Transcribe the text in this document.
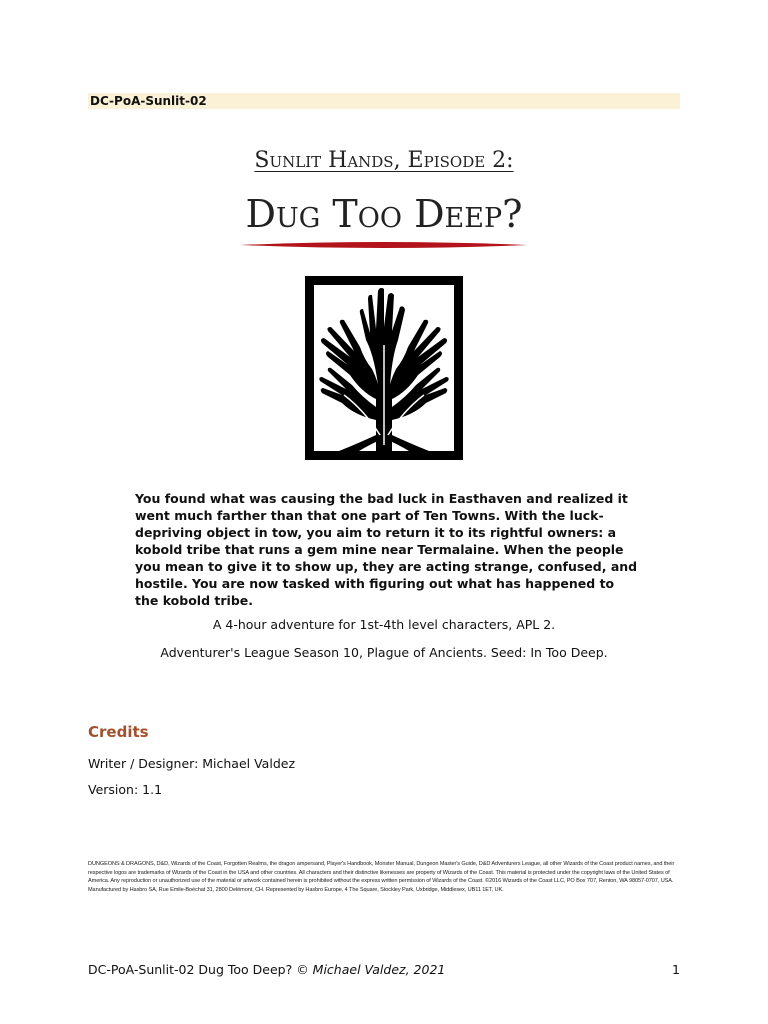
DC-PoA-Sunlit-02
Sunlit Hands, Episode 2:
Dug Too Deep?
You found what was causing the bad luck in Easthaven and realized it went much farther than that one part of Ten Towns. With the luck-depriving object in tow, you aim to return it to its rightful owners: a kobold tribe that runs a gem mine near Termalaine. When the people you mean to give it to show up, they are acting strange, confused, and hostile. You are now tasked with figuring out what has happened to the kobold tribe.
A 4-hour adventure for 1st-4th level characters, APL 2.
Adventurer's League Season 10, Plague of Ancients. Seed: In Too Deep.
Credits
Writer / Designer: Michael Valdez
Version: 1.1
DUNGEONS & DRAGONS, D&D, Wizards of the Coast, Forgotten Realms, the dragon ampersand, Player's Handbook, Monster Manual, Dungeon Master's Guide, D&D Adventurers League, all other Wizards of the Coast product names, and their respective logos are trademarks of Wizards of the Coast in the USA and other countries. All characters and their distinctive likenesses are property of Wizards of the Coast. This material is protected under the copyright laws of the United States of America. Any reproduction or unauthorized use of the material or artwork contained herein is prohibited without the express written permission of Wizards of the Coast. ©2016 Wizards of the Coast LLC, PO Box 707, Renton, WA 98057-0707, USA. Manufactured by Hasbro SA, Rue Emile-Boéchat 31, 2800 Delémont, CH. Represented by Hasbro Europe, 4 The Square, Stockley Park, Uxbridge, Middlesex, UB11 1ET, UK.
DC-PoA-Sunlit-02 Dug Too Deep? © Michael Valdez, 2021	1
